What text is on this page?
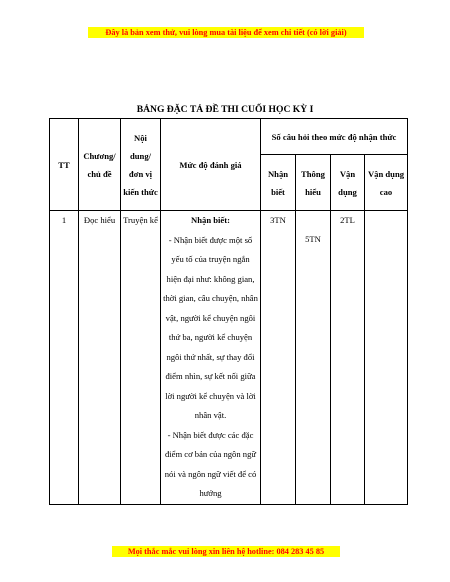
Đây là bản xem thử, vui lòng mua tài liệu để xem chi tiết (có lời giải)
BẢNG ĐẶC TẢ ĐỀ THI CUỐI HỌC KỲ I
TT	Chương/ chủ đề	Nội dung/ đơn vị kiến thức	Mức độ đánh giá	Số câu hỏi theo mức độ nhận thức			
				Nhận biết	Thông hiểu	Vận dụng	Vận dụng cao
1	Đọc hiểu	Truyện kể	Nhận biết:

- Nhận biết được một số yếu tố của truyện ngắn hiện đại như: không gian, thời gian, câu chuyện, nhân vật, người kể chuyện ngôi thứ ba, người kể chuyện ngôi thứ nhất, sự thay đổi điểm nhìn, sự kết nối giữa lời người kể chuyện và lời nhân vật.

- Nhận biết được các đặc điểm cơ bản của ngôn ngữ nói và ngôn ngữ viết để có hướng	3TN	5TN	2TL	

Mọi thắc mắc vui lòng xin liên hệ hotline: 084 283 45 85
